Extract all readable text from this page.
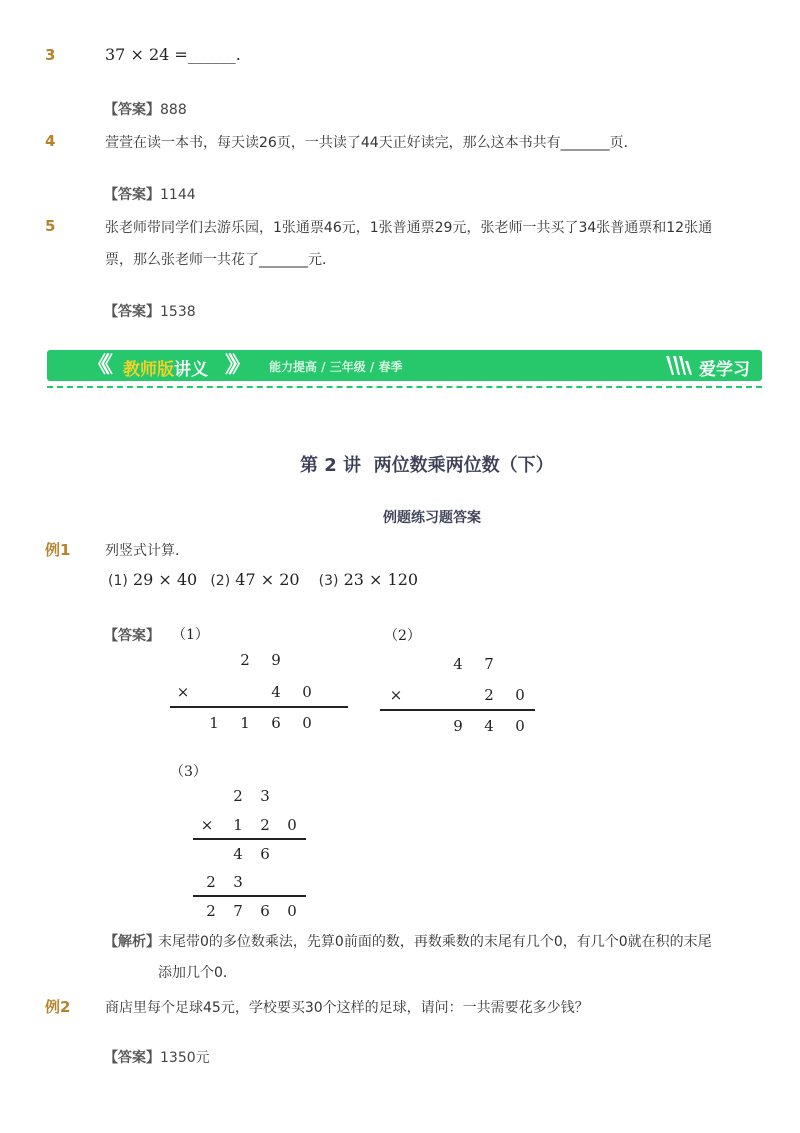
3	37 × 24 =______.
【答案】888
4	萱萱在读一本书，每天读26页，一共读了44天正好读完，那么这本书共有_______页．
【答案】1144
5	张老师带同学们去游乐园，1张通票46元，1张普通票29元，张老师一共买了34张普通票和12张通
票，那么张老师一共花了_______元．
【答案】1538
《《 教师版讲义 》》 能力提高 / 三年级 / 春季	爱学习
第 2 讲  两位数乘两位数（下）
例题练习题答案
例1 列竖式计算.
(1) 29 × 40 (2) 47 × 20 (3) 23 × 120
【答案】 （1）
2 9
×	4 0
1 1 6 0
（2）
4 7
×	2 0
9 4 0
（3）
2 3
× 1 2 0
4 6
2 3
2 7 6 0
【解析】
末尾带0的多位数乘法，先算0前面的数，再数乘数的末尾有几个0，有几个0就在积的末尾
添加几个0．
例2 商店里每个足球45元，学校要买30个这样的足球，请问：一共需要花多少钱？
【答案】1350元
